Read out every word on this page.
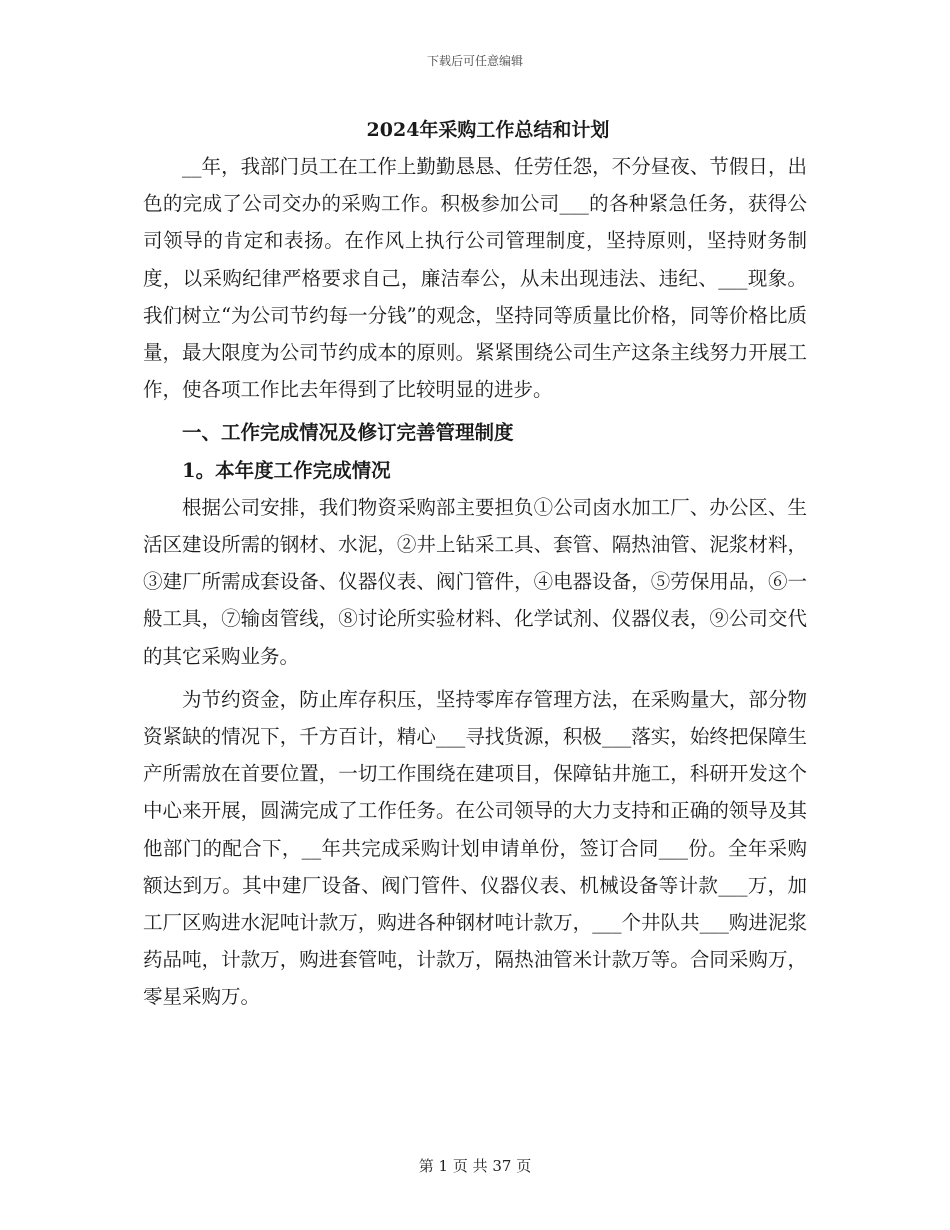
下载后可任意编辑
2024年采购工作总结和计划

__年，我部门员工在工作上勤勤恳恳、任劳任怨，不分昼夜、节假日，出色的完成了公司交办的采购工作。积极参加公司___的各种紧急任务，获得公司领导的肯定和表扬。在作风上执行公司管理制度，坚持原则，坚持财务制度，以采购纪律严格要求自己，廉洁奉公，从未出现违法、违纪、___现象。我们树立“为公司节约每一分钱”的观念，坚持同等质量比价格，同等价格比质量，最大限度为公司节约成本的原则。紧紧围绕公司生产这条主线努力开展工作，使各项工作比去年得到了比较明显的进步。

一、工作完成情况及修订完善管理制度

1。本年度工作完成情况

根据公司安排，我们物资采购部主要担负①公司卤水加工厂、办公区、生活区建设所需的钢材、水泥，②井上钻采工具、套管、隔热油管、泥浆材料，③建厂所需成套设备、仪器仪表、阀门管件，④电器设备，⑤劳保用品，⑥一般工具，⑦输卤管线，⑧讨论所实验材料、化学试剂、仪器仪表，⑨公司交代的其它采购业务。

为节约资金，防止库存积压，坚持零库存管理方法，在采购量大，部分物资紧缺的情况下，千方百计，精心___寻找货源，积极___落实，始终把保障生产所需放在首要位置，一切工作围绕在建项目，保障钻井施工，科研开发这个中心来开展，圆满完成了工作任务。在公司领导的大力支持和正确的领导及其他部门的配合下，__年共完成采购计划申请单份，签订合同___份。全年采购额达到万。其中建厂设备、阀门管件、仪器仪表、机械设备等计款___万，加工厂区购进水泥吨计款万，购进各种钢材吨计款万，___个井队共___购进泥浆药品吨，计款万，购进套管吨，计款万，隔热油管米计款万等。合同采购万，零星采购万。

第 1 页 共 37 页
